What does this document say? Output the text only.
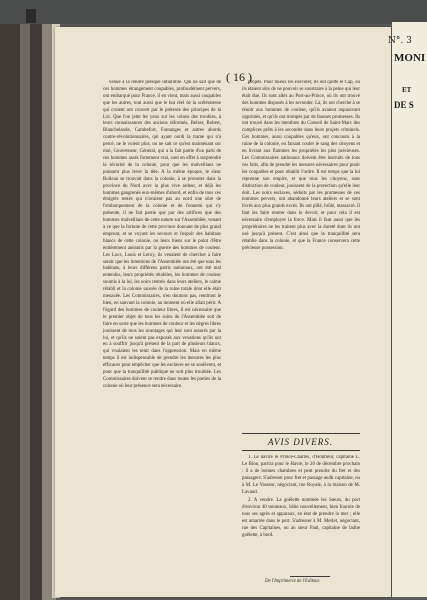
N°. 3
MONI
ET
DE S
( 16 )

venue à la rendre presque infaillible. Qui ne sait que de ces hommes étrangement coupables, profondément pervers, ont embarqué pour France, il en vient, mais aussi coupables que les autres, tout aussi que le but réel de la scélératesse qui croient ont couvert par le prétexte des principes de la Loi. Que l'on jette les yeux sur les colons des troubles, à leurs connaissances des anciens réformés, Belzer, Robert, Blanchelande, Cambefort, Fontanges et autres abords contre-révolutionnaires, qui ayant ourdi la trame qui n'a percé, ne le voient plus, on ne sait ce qu'est maintenant sur moi, Gouverneur, Général, qui a la fait partie d'un parti de ces hommes assés fortement vrai, sont en effet à surprendre la sécurité de la colonie, pour que les malveillans ne puissent plus lever la tête. A la même époque, le sieur Boileau se trouvait dans la colonie, à se pronoter dans la province du Nord avec la plus vive ardeur, et déjà les hommes gangrenés eux-mêmes d'abord, et enfin de tous ces émigrés restés qui n'avaient pas au nord une sûre de l'embarquement de la colonie et de l'ennemi qui s'y présente, il ne fait partie que par des artifices que des hommes malveillans de cette nature sur l'Assemblée, venant à ce que la fortune de cette province donnant de plus grand emprunt, et se voyant les secours et l'espoir des habitans blancs de cette colonie, ou leurs biens sur le point d'être entièrement anéantis par la guerre des hommes de couleur. Les Lucs, Louis et Leroy, ils venaient de chercher à faire sentir que les intentions de l'Assemblée ont été que tous les habitans, à leurs différens partis nationaux, ont été mal entendus, leurs propriétés rétablies, les hommes de couleur soumis à la loi, les noirs rentrés dans leurs ateliers, le calme rétabli et la colonie sauvée de la ruine totale dont elle était menacée. Les Commissaires, n'en doutons pas, rendront le bien, en sauvant la colonie, au moment où elle allait périr. A l'égard des hommes de couleur libres, il est nécessaire que le premier objet de tous les soins de l'Assemblée soit de faire en sorte que les hommes de couleur et les nègres libres jouissent de tous les avantages qui leur sont assurés par la loi, et qu'ils ne soient pas exposés aux vexations qu'ils ont eu à souffrir jusqu'à présent de la part de plusieurs blancs, qui voulaient les tenir dans l'oppression. Mais en même temps il est indispensable de prendre les mesures les plus efficaces pour empêcher que les esclaves ne se soulèvent, et pour que la tranquillité publique ne soit plus troublée. Les Commissaires doivent se rendre dans toutes les parties de la colonie où leur présence sera nécessaire.

projets. Pour mieux les exécuter, ils ont quitté le Cap, où ils étaient sûrs de ne pouvoir se soustraire à la peine qui leur était due. Ils sont allés au Port-au-Prince, où ils ont trouvé des hommes disposés à les seconder. Là, ils ont cherché à se réunir aux hommes de couleur, qu'ils avaient auparavant opprimés, et qu'ils ont trompés par de fausses promesses. Ils ont trouvé dans les membres du Conseil de Saint-Marc des complices prêts à les seconder dans leurs projets criminels. Ces hommes, aussi coupables qu'eux, ont concouru à la ruine de la colonie, en faisant couler le sang des citoyens et en livrant aux flammes les propriétés les plus précieuses. Les Commissaires nationaux doivent être instruits de tous ces faits, afin de prendre les mesures nécessaires pour punir les coupables et pour rétablir l'ordre. Il est temps que la loi reprenne son empire, et que tous les citoyens, sans distinction de couleur, jouissent de la protection qu'elle leur doit. Les noirs esclaves, séduits par les promesses de ces hommes pervers, ont abandonné leurs ateliers et se sont livrés aux plus grands excès. Ils ont pillé, brûlé, massacré. Il faut les faire rentrer dans le devoir, et pour cela il est nécessaire d'employer la force. Mais il faut aussi que les propriétaires ne les traitent plus avec la dureté dont ils ont usé jusqu'à présent. C'est ainsi que la tranquillité sera rétablie dans la colonie, et que la France conservera cette précieuse possession.

AVIS DIVERS.

1. Le navire le Prince-Charles, d'Honfleur, capitaine L. Le Blon, partira pour le Havre, le 20 de décembre prochain : il a de bonnes chambres et peut prendre du fret et des passagers. S'adresser pour fret et passage audit capitaine, ou à M. Le Vasseur, négociant, rue Royale, à la maison de M. Lavaud.

2. A vendre. La goëlette nommée les Sœurs, du port d'environ 40 tonneaux, bâtie nouvellement, bien fournie de tous ses agrès et apparaux, en état de prendre la mer ; elle est amarrée dans le port. S'adresser à M. Merlet, négociant, rue des Capitaines, ou au sieur Paul, capitaine de ladite goëlette, à bord.

De l'Imprimerie de l'Editeur.
